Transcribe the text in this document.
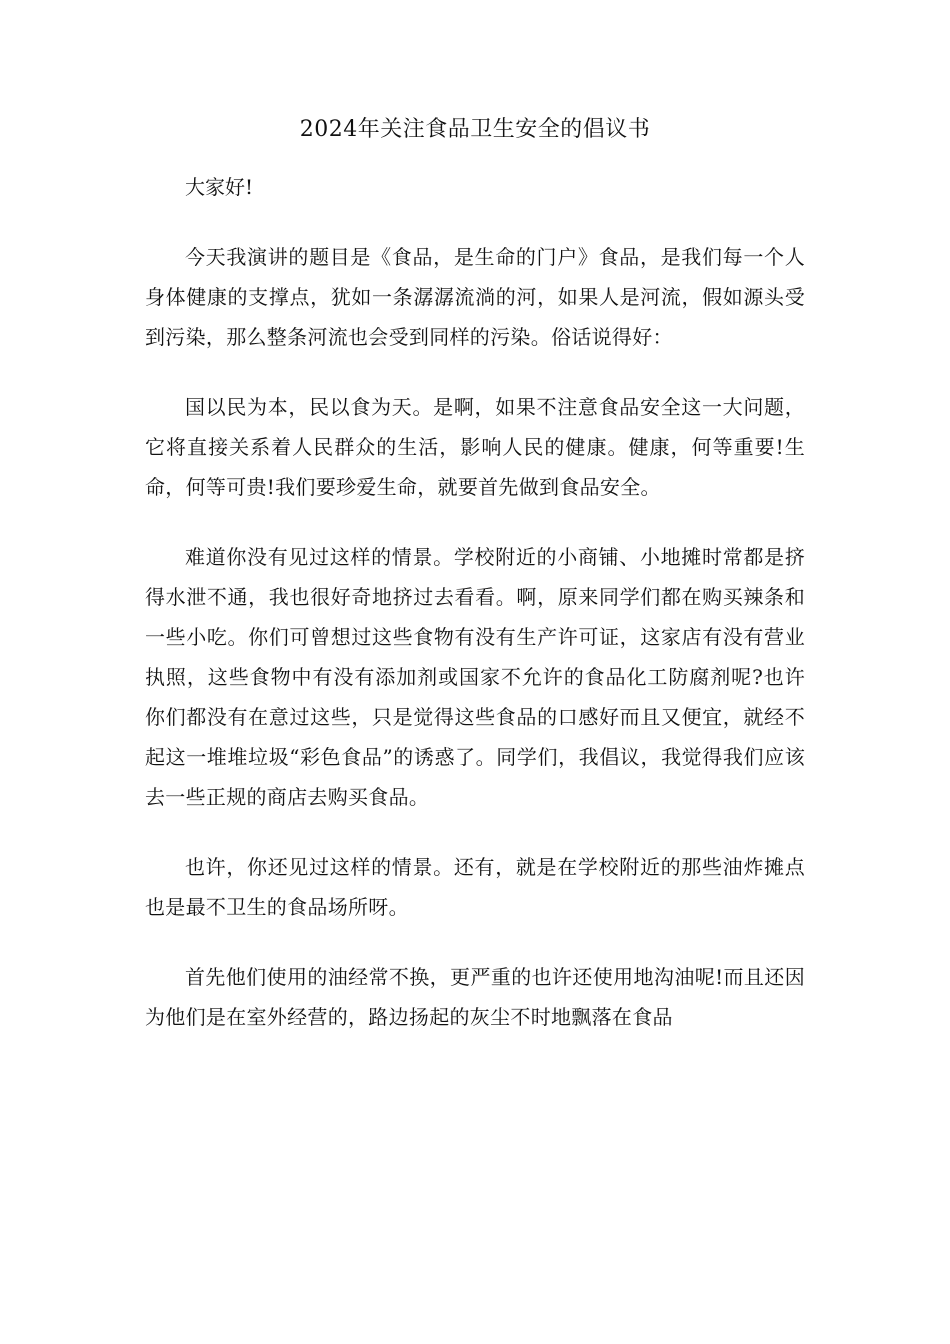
2024年关注食品卫生安全的倡议书

大家好!

今天我演讲的题目是《食品，是生命的门户》食品，是我们每一个人身体健康的支撑点，犹如一条潺潺流淌的河，如果人是河流，假如源头受到污染，那么整条河流也会受到同样的污染。俗话说得好：

国以民为本，民以食为天。是啊，如果不注意食品安全这一大问题，它将直接关系着人民群众的生活，影响人民的健康。健康，何等重要!生命，何等可贵!我们要珍爱生命，就要首先做到食品安全。

难道你没有见过这样的情景。学校附近的小商铺、小地摊时常都是挤得水泄不通，我也很好奇地挤过去看看。啊，原来同学们都在购买辣条和一些小吃。你们可曾想过这些食物有没有生产许可证，这家店有没有营业执照，这些食物中有没有添加剂或国家不允许的食品化工防腐剂呢?也许你们都没有在意过这些，只是觉得这些食品的口感好而且又便宜，就经不起这一堆堆垃圾“彩色食品”的诱惑了。同学们，我倡议，我觉得我们应该去一些正规的商店去购买食品。

也许，你还见过这样的情景。还有，就是在学校附近的那些油炸摊点也是最不卫生的食品场所呀。

首先他们使用的油经常不换，更严重的也许还使用地沟油呢!而且还因为他们是在室外经营的，路边扬起的灰尘不时地飘落在食品
